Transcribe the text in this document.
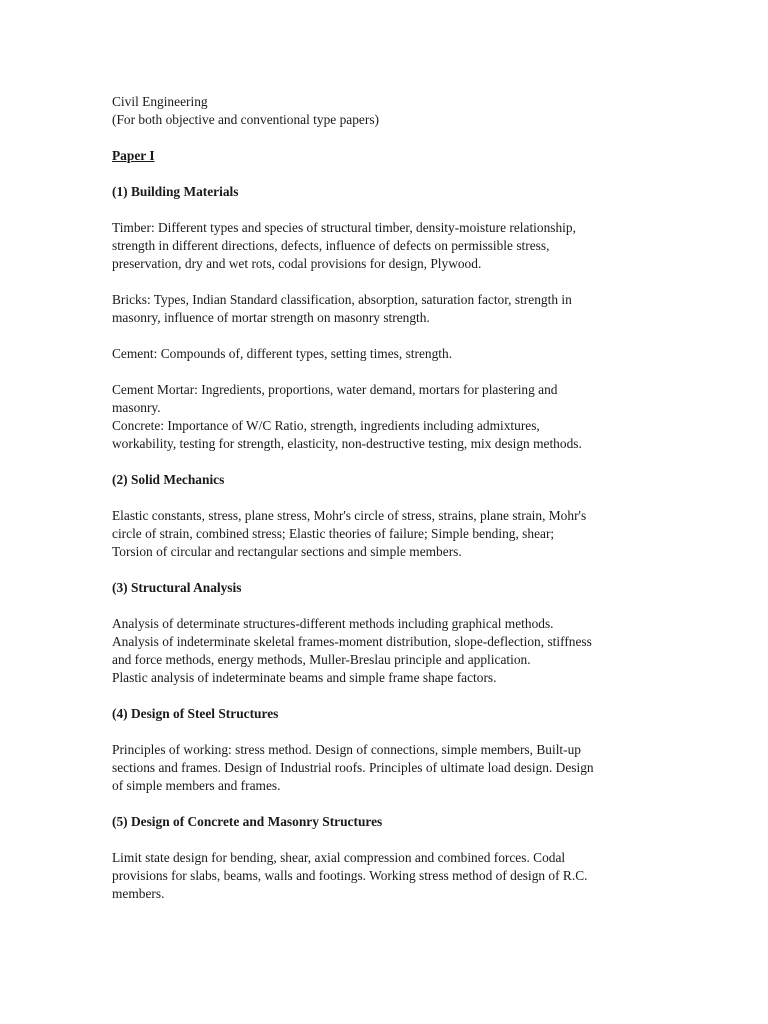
Civil Engineering
(For both objective and conventional type papers)
Paper I
(1) Building Materials
Timber: Different types and species of structural timber, density-moisture relationship,
strength in different directions, defects, influence of defects on permissible stress,
preservation, dry and wet rots, codal provisions for design, Plywood.
Bricks: Types, Indian Standard classification, absorption, saturation factor, strength in
masonry, influence of mortar strength on masonry strength.
Cement: Compounds of, different types, setting times, strength.
Cement Mortar: Ingredients, proportions, water demand, mortars for plastering and
masonry.
Concrete: Importance of W/C Ratio, strength, ingredients including admixtures,
workability, testing for strength, elasticity, non-destructive testing, mix design methods.
(2) Solid Mechanics
Elastic constants, stress, plane stress, Mohr's circle of stress, strains, plane strain, Mohr's
circle of strain, combined stress; Elastic theories of failure; Simple bending, shear;
Torsion of circular and rectangular sections and simple members.
(3) Structural Analysis
Analysis of determinate structures-different methods including graphical methods.
Analysis of indeterminate skeletal frames-moment distribution, slope-deflection, stiffness
and force methods, energy methods, Muller-Breslau principle and application.
Plastic analysis of indeterminate beams and simple frame shape factors.
(4) Design of Steel Structures
Principles of working: stress method. Design of connections, simple members, Built-up
sections and frames. Design of Industrial roofs. Principles of ultimate load design. Design
of simple members and frames.
(5) Design of Concrete and Masonry Structures
Limit state design for bending, shear, axial compression and combined forces. Codal
provisions for slabs, beams, walls and footings. Working stress method of design of R.C.
members.
